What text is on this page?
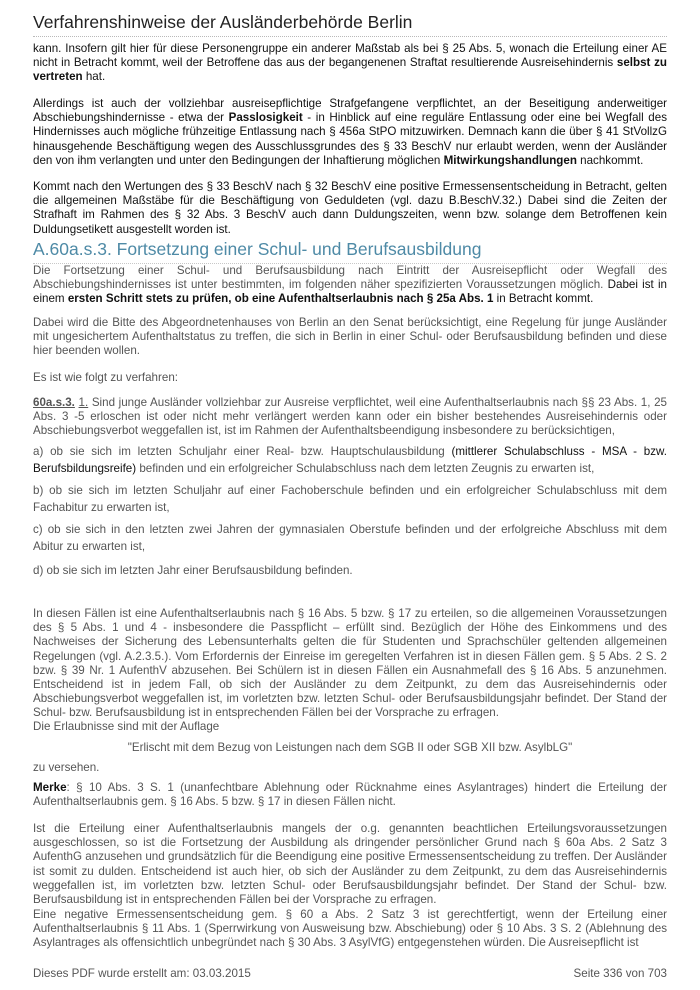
Verfahrenshinweise der Ausländerbehörde Berlin

kann. Insofern gilt hier für diese Personengruppe ein anderer Maßstab als bei § 25 Abs. 5, wonach die Erteilung einer AE nicht in Betracht kommt, weil der Betroffene das aus der begangenenen Straftat resultierende Ausreisehindernis selbst zu vertreten hat.

Allerdings ist auch der vollziehbar ausreisepflichtige Strafgefangene verpflichtet, an der Beseitigung anderweitiger Abschiebungshindernisse - etwa der Passlosigkeit - in Hinblick auf eine reguläre Entlassung oder eine bei Wegfall des Hindernisses auch mögliche frühzeitige Entlassung nach § 456a StPO mitzuwirken. Demnach kann die über § 41 StVollzG hinausgehende Beschäftigung wegen des Ausschlussgrundes des § 33 BeschV nur erlaubt werden, wenn der Ausländer den von ihm verlangten und unter den Bedingungen der Inhaftierung möglichen Mitwirkungshandlungen nachkommt.

Kommt nach den Wertungen des § 33 BeschV nach § 32 BeschV eine positive Ermessensentscheidung in Betracht, gelten die allgemeinen Maßstäbe für die Beschäftigung von Geduldeten (vgl. dazu B.BeschV.32.) Dabei sind die Zeiten der Strafhaft im Rahmen des § 32 Abs. 3 BeschV auch dann Duldungszeiten, wenn bzw. solange dem Betroffenen kein Duldungsetikett ausgestellt worden ist.

A.60a.s.3. Fortsetzung einer Schul- und Berufsausbildung

Die Fortsetzung einer Schul- und Berufsausbildung nach Eintritt der Ausreisepflicht oder Wegfall des Abschiebungshindernisses ist unter bestimmten, im folgenden näher spezifizierten Voraussetzungen möglich. Dabei ist in einem ersten Schritt stets zu prüfen, ob eine Aufenthaltserlaubnis nach § 25a Abs. 1 in Betracht kommt.

Dabei wird die Bitte des Abgeordnetenhauses von Berlin an den Senat berücksichtigt, eine Regelung für junge Ausländer mit ungesichertem Aufenthaltstatus zu treffen, die sich in Berlin in einer Schul- oder Berufsausbildung befinden und diese hier beenden wollen.

Es ist wie folgt zu verfahren:

60a.s.3. 1. Sind junge Ausländer vollziehbar zur Ausreise verpflichtet, weil eine Aufenthaltserlaubnis nach §§ 23 Abs. 1, 25 Abs. 3 -5 erloschen ist oder nicht mehr verlängert werden kann oder ein bisher bestehendes Ausreisehindernis oder Abschiebungsverbot weggefallen ist, ist im Rahmen der Aufenthaltsbeendigung insbesondere zu berücksichtigen,

a) ob sie sich im letzten Schuljahr einer Real- bzw. Hauptschulausbildung (mittlerer Schulabschluss - MSA - bzw. Berufsbildungsreife) befinden und ein erfolgreicher Schulabschluss nach dem letzten Zeugnis zu erwarten ist,

b) ob sie sich im letzten Schuljahr auf einer Fachoberschule befinden und ein erfolgreicher Schulabschluss mit dem Fachabitur zu erwarten ist,

c) ob sie sich in den letzten zwei Jahren der gymnasialen Oberstufe befinden und der erfolgreiche Abschluss mit dem Abitur zu erwarten ist,

d) ob sie sich im letzten Jahr einer Berufsausbildung befinden.

In diesen Fällen ist eine Aufenthaltserlaubnis nach § 16 Abs. 5 bzw. § 17 zu erteilen, so die allgemeinen Voraussetzungen des § 5 Abs. 1 und 4 - insbesondere die Passpflicht – erfüllt sind. Bezüglich der Höhe des Einkommens und des Nachweises der Sicherung des Lebensunterhalts gelten die für Studenten und Sprachschüler geltenden allgemeinen Regelungen (vgl. A.2.3.5.). Vom Erfordernis der Einreise im geregelten Verfahren ist in diesen Fällen gem. § 5 Abs. 2 S. 2 bzw. § 39 Nr. 1 AufenthV abzusehen. Bei Schülern ist in diesen Fällen ein Ausnahmefall des § 16 Abs. 5 anzunehmen. Entscheidend ist in jedem Fall, ob sich der Ausländer zu dem Zeitpunkt, zu dem das Ausreisehindernis oder Abschiebungsverbot weggefallen ist, im vorletzten bzw. letzten Schul- oder Berufsausbildungsjahr befindet. Der Stand der Schul- bzw. Berufsausbildung ist in entsprechenden Fällen bei der Vorsprache zu erfragen.

Die Erlaubnisse sind mit der Auflage

"Erlischt mit dem Bezug von Leistungen nach dem SGB II oder SGB XII bzw. AsylbLG"

zu versehen.

Merke: § 10 Abs. 3 S. 1 (unanfechtbare Ablehnung oder Rücknahme eines Asylantrages) hindert die Erteilung der Aufenthaltserlaubnis gem. § 16 Abs. 5 bzw. § 17 in diesen Fällen nicht.

Ist die Erteilung einer Aufenthaltserlaubnis mangels der o.g. genannten beachtlichen Erteilungsvoraussetzungen ausgeschlossen, so ist die Fortsetzung der Ausbildung als dringender persönlicher Grund nach § 60a Abs. 2 Satz 3 AufenthG anzusehen und grundsätzlich für die Beendigung eine positive Ermessensentscheidung zu treffen. Der Ausländer ist somit zu dulden. Entscheidend ist auch hier, ob sich der Ausländer zu dem Zeitpunkt, zu dem das Ausreisehindernis weggefallen ist, im vorletzten bzw. letzten Schul- oder Berufsausbildungsjahr befindet. Der Stand der Schul- bzw. Berufsausbildung ist in entsprechenden Fällen bei der Vorsprache zu erfragen.

Eine negative Ermessensentscheidung gem. § 60 a Abs. 2 Satz 3 ist gerechtfertigt, wenn der Erteilung einer Aufenthaltserlaubnis § 11 Abs. 1 (Sperrwirkung von Ausweisung bzw. Abschiebung) oder § 10 Abs. 3 S. 2 (Ablehnung des Asylantrages als offensichtlich unbegründet nach § 30 Abs. 3 AsylVfG) entgegenstehen würden. Die Ausreisepflicht ist

Dieses PDF wurde erstellt am: 03.03.2015	Seite 336 von 703
